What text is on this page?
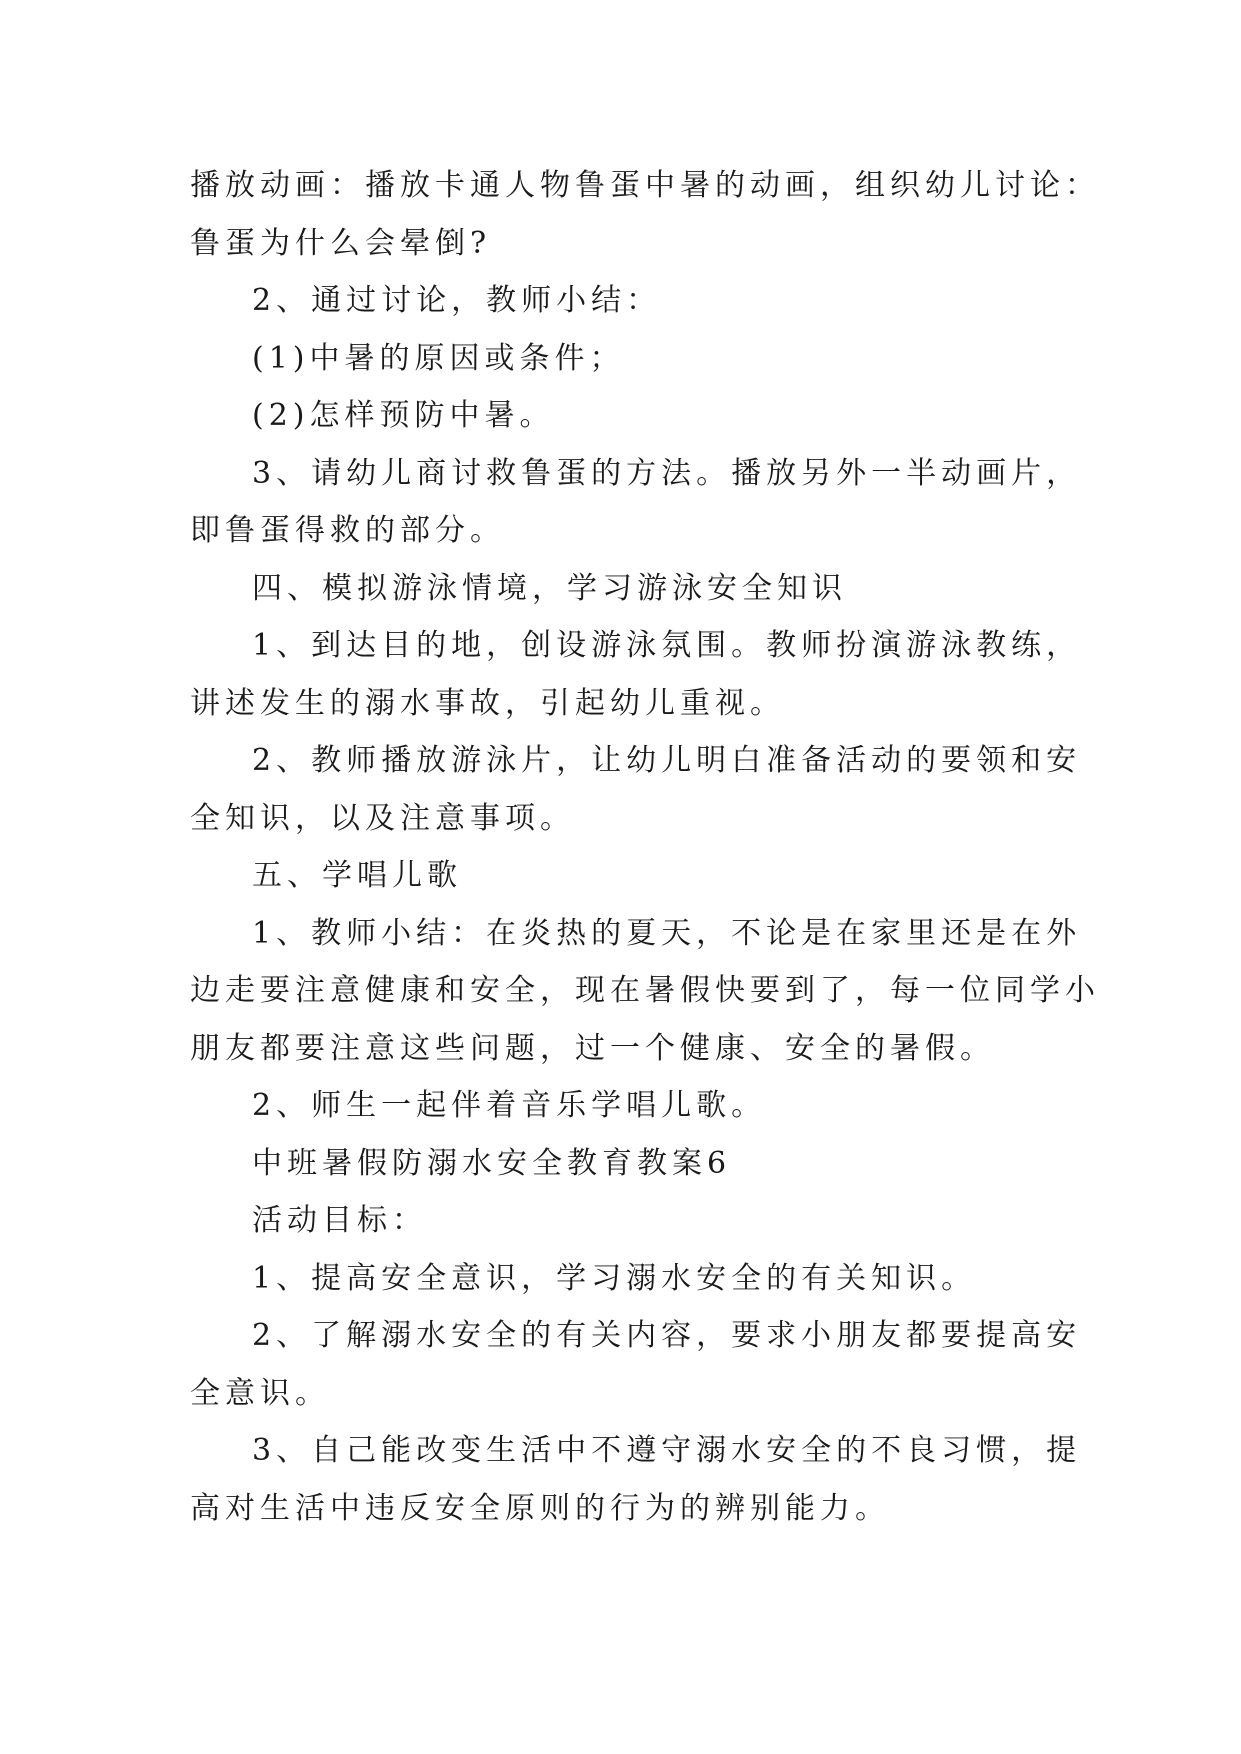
播放动画：播放卡通人物鲁蛋中暑的动画，组织幼儿讨论：
鲁蛋为什么会晕倒?
2、通过讨论，教师小结：
(1)中暑的原因或条件；
(2)怎样预防中暑。
3、请幼儿商讨救鲁蛋的方法。播放另外一半动画片，
即鲁蛋得救的部分。
四、模拟游泳情境，学习游泳安全知识
1、到达目的地，创设游泳氛围。教师扮演游泳教练，
讲述发生的溺水事故，引起幼儿重视。
2、教师播放游泳片，让幼儿明白准备活动的要领和安
全知识，以及注意事项。
五、学唱儿歌
1、教师小结：在炎热的夏天，不论是在家里还是在外
边走要注意健康和安全，现在暑假快要到了，每一位同学小
朋友都要注意这些问题，过一个健康、安全的暑假。
2、师生一起伴着音乐学唱儿歌。
中班暑假防溺水安全教育教案6
活动目标：
1、提高安全意识，学习溺水安全的有关知识。
2、了解溺水安全的有关内容，要求小朋友都要提高安
全意识。
3、自己能改变生活中不遵守溺水安全的不良习惯，提
高对生活中违反安全原则的行为的辨别能力。
